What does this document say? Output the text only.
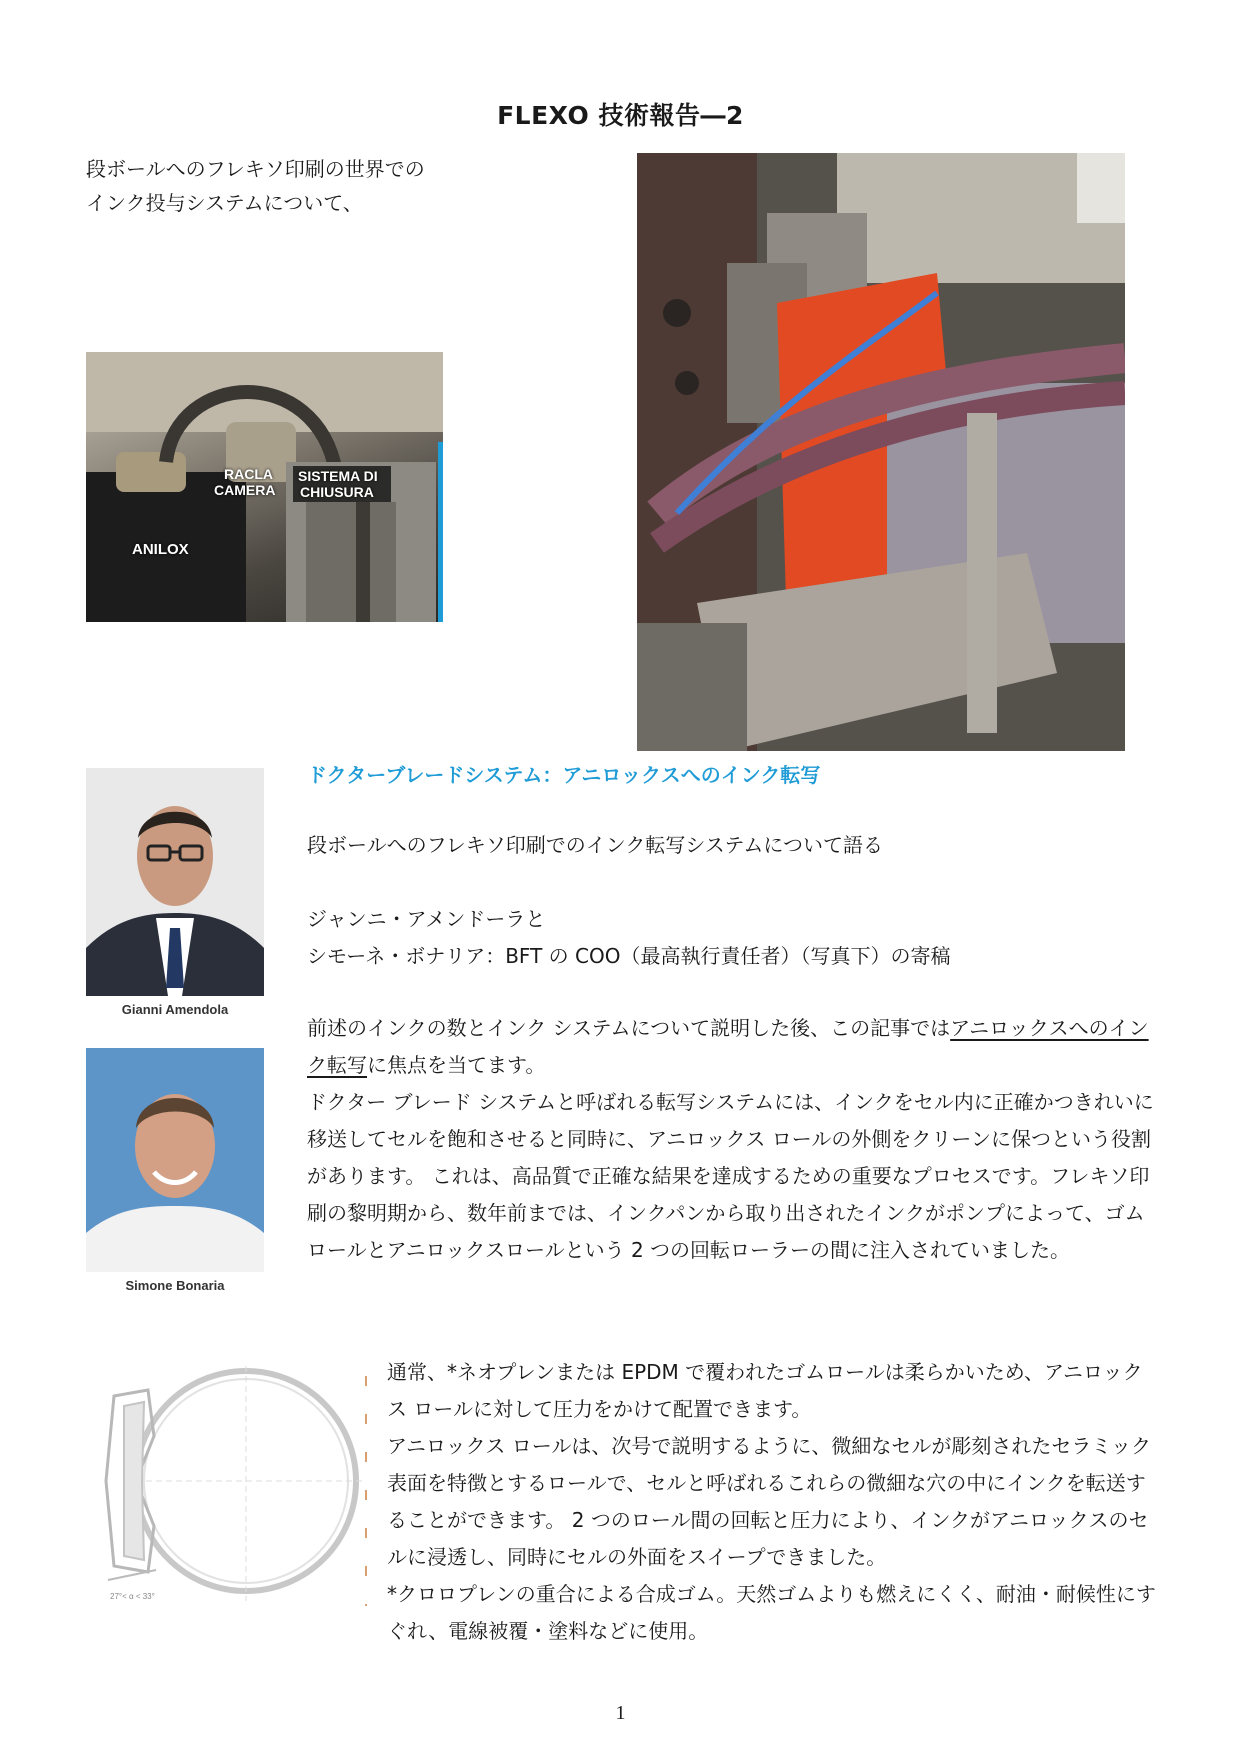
FLEXO 技術報告―2
段ボールへのフレキソ印刷の世界での
インク投与システムについて、
RACLA
CAMERA
SISTEMA DI
CHIUSURA
ANILOX
Gianni Amendola
Simone Bonaria
ドクターブレードシステム：アニロックスへのインク転写
段ボールへのフレキソ印刷でのインク転写システムについて語る
ジャンニ・アメンドーラと
シモーネ・ボナリア：BFT の COO（最高執行責任者）（写真下）の寄稿
前述のインクの数とインク システムについて説明した後、この記事ではアニロックスへのインク転写に焦点を当てます。
ドクター ブレード システムと呼ばれる転写システムには、インクをセル内に正確かつきれいに移送してセルを飽和させると同時に、アニロックス ロールの外側をクリーンに保つという役割があります。 これは、高品質で正確な結果を達成するための重要なプロセスです。フレキソ印刷の黎明期から、数年前までは、インクパンから取り出されたインクがポンプによって、ゴムロールとアニロックスロールという 2 つの回転ローラーの間に注入されていました。
27°< α < 33°
通常、*ネオプレンまたは EPDM で覆われたゴムロールは柔らかいため、アニロックス ロールに対して圧力をかけて配置できます。
アニロックス ロールは、次号で説明するように、微細なセルが彫刻されたセラミック表面を特徴とするロールで、セルと呼ばれるこれらの微細な穴の中にインクを転送することができます。 2 つのロール間の回転と圧力により、インクがアニロックスのセルに浸透し、同時にセルの外面をスイープできました。
*クロロプレンの重合による合成ゴム。天然ゴムよりも燃えにくく、耐油・耐候性にすぐれ、電線被覆・塗料などに使用。
1
